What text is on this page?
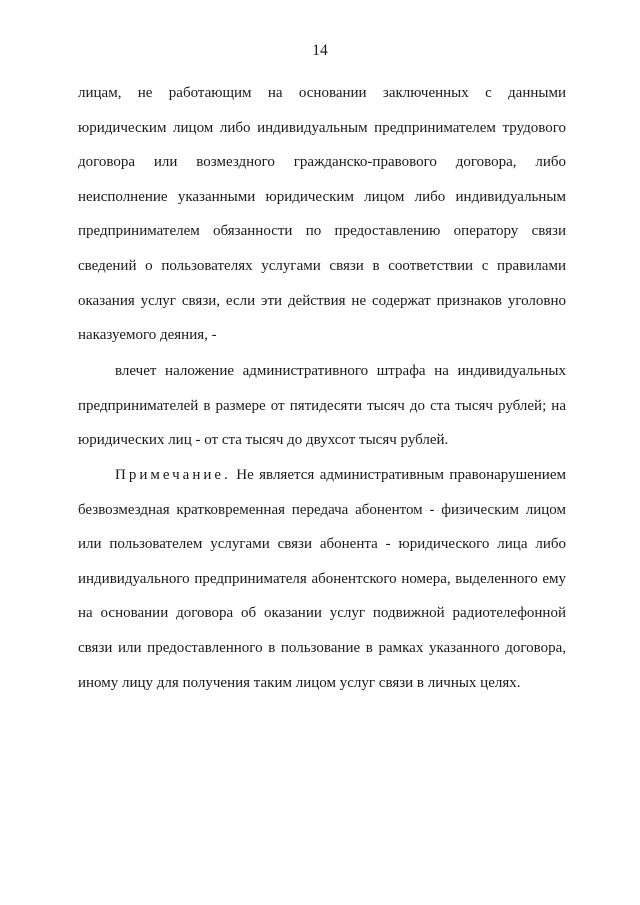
14

лицам, не работающим на основании заключенных с данными юридическим лицом либо индивидуальным предпринимателем трудового договора или возмездного гражданско-правового договора, либо неисполнение указанными юридическим лицом либо индивидуальным предпринимателем обязанности по предоставлению оператору связи сведений о пользователях услугами связи в соответствии с правилами оказания услуг связи, если эти действия не содержат признаков уголовно наказуемого деяния, -

влечет наложение административного штрафа на индивидуальных предпринимателей в размере от пятидесяти тысяч до ста тысяч рублей; на юридических лиц - от ста тысяч до двухсот тысяч рублей.

Примечание. Не является административным правонарушением безвозмездная кратковременная передача абонентом - физическим лицом или пользователем услугами связи абонента - юридического лица либо индивидуального предпринимателя абонентского номера, выделенного ему на основании договора об оказании услуг подвижной радиотелефонной связи или предоставленного в пользование в рамках указанного договора, иному лицу для получения таким лицом услуг связи в личных целях.
